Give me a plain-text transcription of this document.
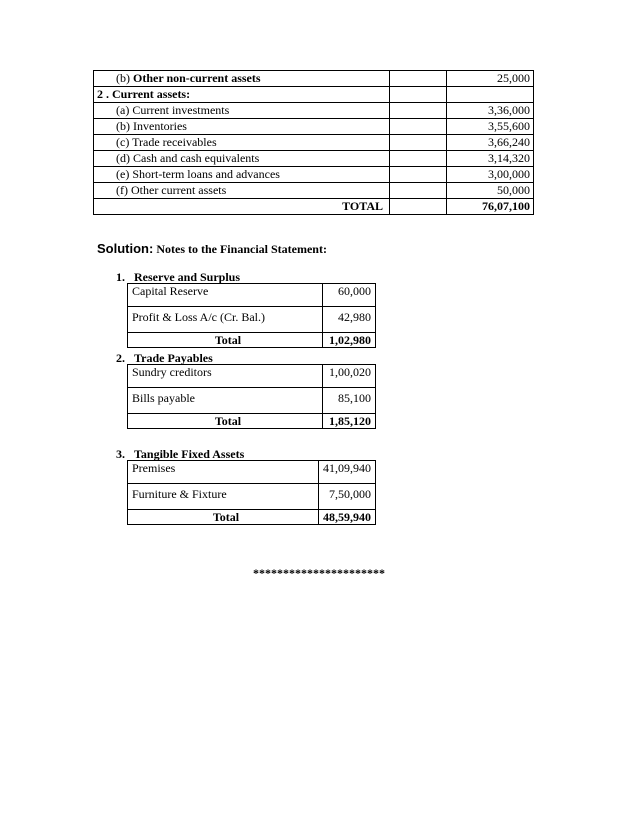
(b) Other non-current assets		25,000
2 . Current assets:		
(a) Current investments		3,36,000
(b) Inventories		3,55,600
(c) Trade receivables		3,66,240
(d) Cash and cash equivalents		3,14,320
(e) Short-term loans and advances		3,00,000
(f) Other current assets		50,000
TOTAL		76,07,100
Solution: Notes to the Financial Statement:
1. Reserve and Surplus
Capital Reserve	60,000
Profit & Loss A/c (Cr. Bal.)	42,980
Total	1,02,980
2. Trade Payables
Sundry creditors	1,00,020
Bills payable	85,100
Total	1,85,120
3. Tangible Fixed Assets
Premises	41,09,940
Furniture & Fixture	7,50,000
Total	48,59,940
**********************
